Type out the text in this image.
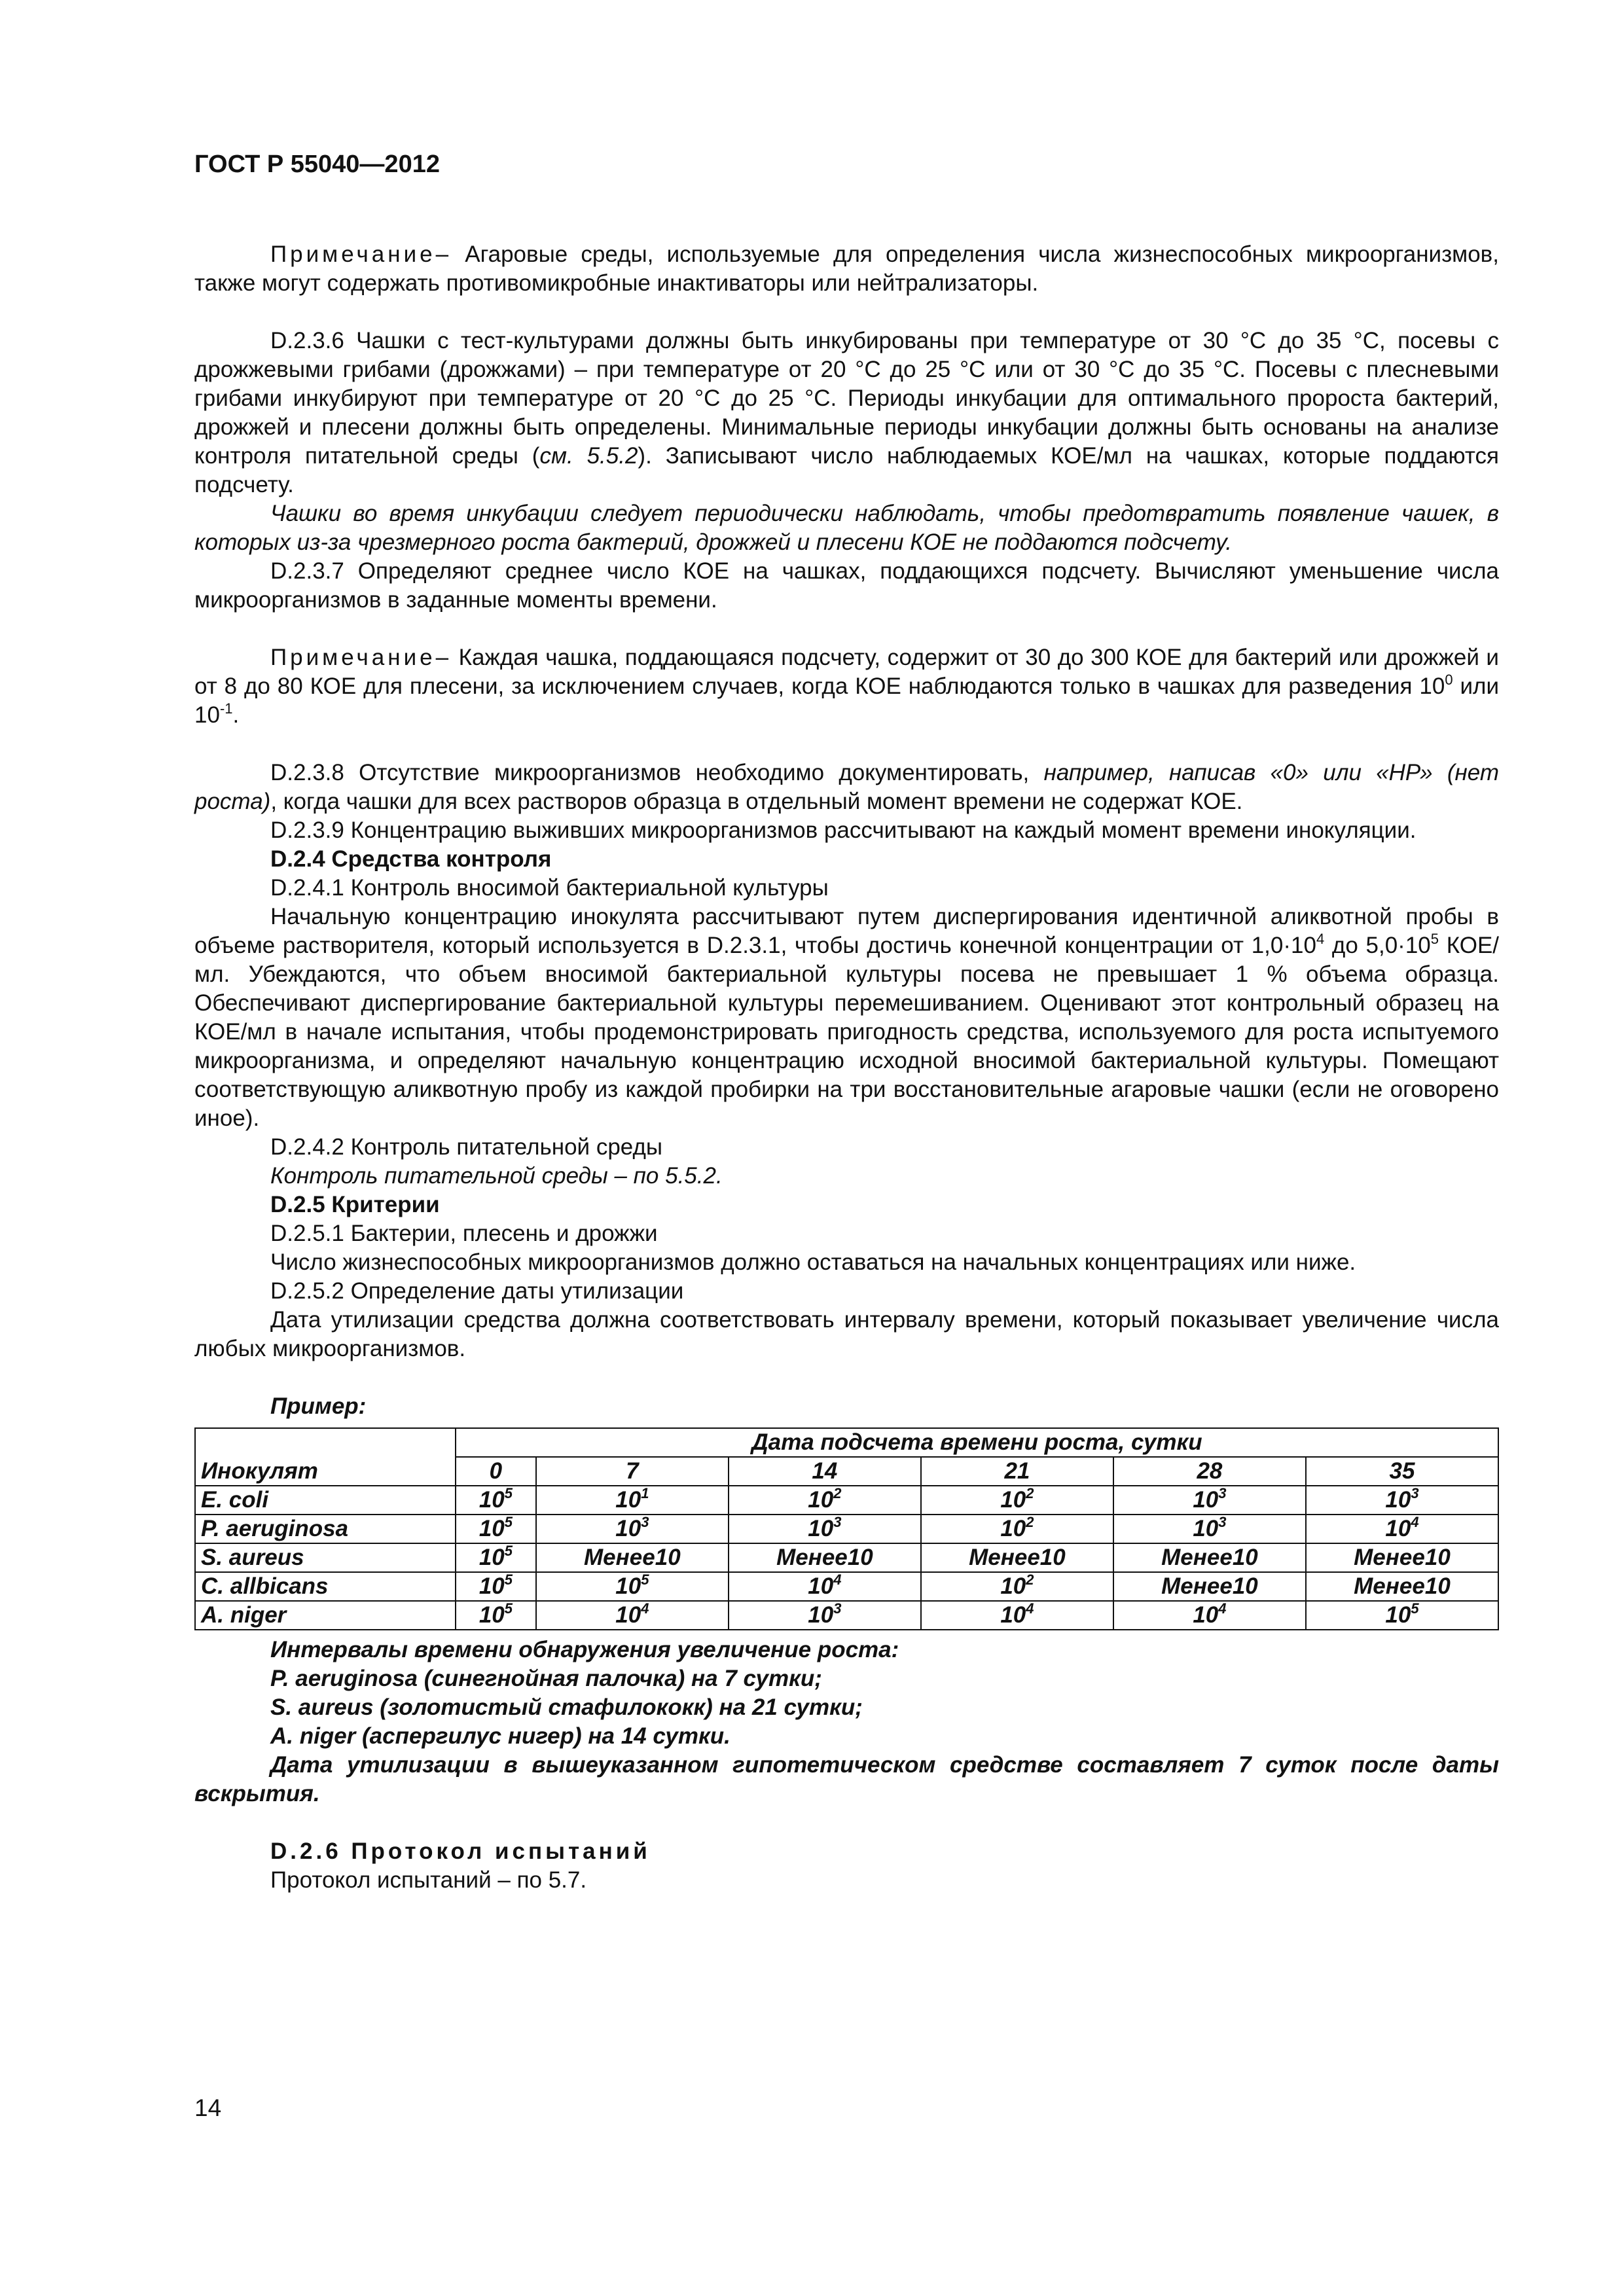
ГОСТ Р 55040—2012

Примечание– Агаровые среды, используемые для определения числа жизнеспособных микроорганизмов, также могут содержать противомикробные инактиваторы или нейтрализаторы.

D.2.3.6 Чашки с тест-культурами должны быть инкубированы при температуре от 30 °С до 35 °С, посевы с дрожжевыми грибами (дрожжами) – при температуре от 20 °С до 25 °С или от 30 °С до 35 °С. Посевы с плесневыми грибами инкубируют при температуре от 20 °С до 25 °С. Периоды инкубации для оптимального пророста бактерий, дрожжей и плесени должны быть определены. Минимальные периоды инкубации должны быть основаны на анализе контроля питательной среды (см. 5.5.2). Записывают число наблюдаемых КОЕ/мл на чашках, которые поддаются подсчету.

Чашки во время инкубации следует периодически наблюдать, чтобы предотвратить появление чашек, в которых из-за чрезмерного роста бактерий, дрожжей и плесени КОЕ не поддаются подсчету.

D.2.3.7 Определяют среднее число КОЕ на чашках, поддающихся подсчету. Вычисляют уменьшение числа микроорганизмов в заданные моменты времени.

Примечание– Каждая чашка, поддающаяся подсчету, содержит от 30 до 300 КОЕ для бактерий или дрожжей и от 8 до 80 КОЕ для плесени, за исключением случаев, когда КОЕ наблюдаются только в чашках для разведения $10^0$ или $10^{-1}$.

D.2.3.8 Отсутствие микроорганизмов необходимо документировать, например, написав «0» или «НР» (нет роста), когда чашки для всех растворов образца в отдельный момент времени не содержат КОЕ.

D.2.3.9 Концентрацию выживших микроорганизмов рассчитывают на каждый момент времени инокуляции.

D.2.4 Средства контроля

D.2.4.1 Контроль вносимой бактериальной культуры

Начальную концентрацию инокулята рассчитывают путем диспергирования идентичной аликвотной пробы в объеме растворителя, который используется в D.2.3.1, чтобы достичь конечной концентрации от $1,0\cdot 10^4$ до $5,0\cdot 10^5$ КОЕ/мл. Убеждаются, что объем вносимой бактериальной культуры посева не превышает 1 % объема образца. Обеспечивают диспергирование бактериальной культуры перемешиванием. Оценивают этот контрольный образец на КОЕ/мл в начале испытания, чтобы продемонстрировать пригодность средства, используемого для роста испытуемого микроорганизма, и определяют начальную концентрацию исходной вносимой бактериальной культуры. Помещают соответствующую аликвотную пробу из каждой пробирки на три восстановительные агаровые чашки (если не оговорено иное).

D.2.4.2 Контроль питательной среды

Контроль питательной среды – по 5.5.2.

D.2.5 Критерии

D.2.5.1 Бактерии, плесень и дрожжи

Число жизнеспособных микроорганизмов должно оставаться на начальных концентрациях или ниже.

D.2.5.2 Определение даты утилизации

Дата утилизации средства должна соответствовать интервалу времени, который показывает увеличение числа любых микроорганизмов.

Пример:

	Дата подсчета времени роста, сутки					
Инокулят	0	7	14	21	28	35
E. coli	$10^5$	$10^1$	$10^2$	$10^2$	$10^3$	$10^3$
P. aeruginosa	$10^5$	$10^3$	$10^3$	$10^2$	$10^3$	$10^4$
S. aureus	$10^5$	Менее10	Менее10	Менее10	Менее10	Менее10
C. allbicans	$10^5$	$10^5$	$10^4$	$10^2$	Менее10	Менее10
A. niger	$10^5$	$10^4$	$10^3$	$10^4$	$10^4$	$10^5$

Интервалы времени обнаружения увеличение роста:

P. aeruginosa (синегнойная палочка) на 7 сутки;

S. aureus (золотистый стафилококк) на 21 сутки;

A. niger (аспергилус нигер) на 14 сутки.

Дата утилизации в вышеуказанном гипотетическом средстве составляет 7 суток после даты вскрытия.

D.2.6 Протокол испытаний

Протокол испытаний – по 5.7.

14
